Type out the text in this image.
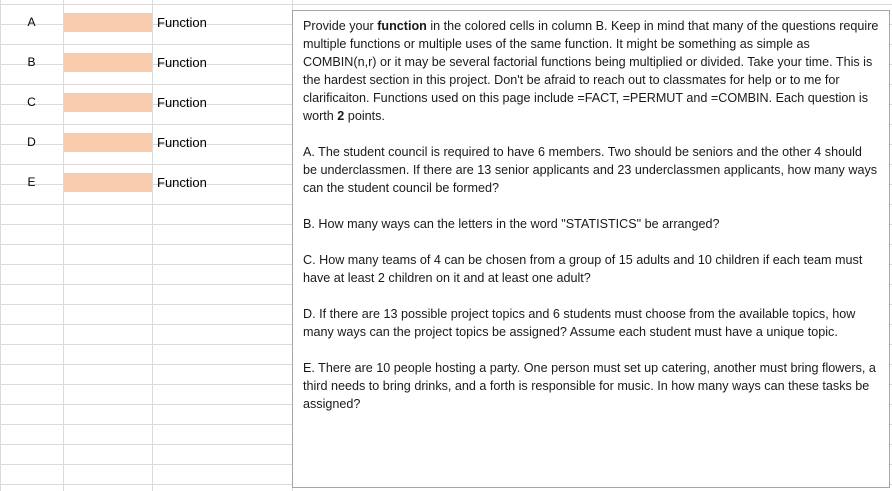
A	Function
B	Function
C	Function
D	Function
E	Function

Provide your function in the colored cells in column B. Keep in mind that many of the questions require multiple functions or multiple uses of the same function. It might be something as simple as COMBIN(n,r) or it may be several factorial functions being multiplied or divided. Take your time. This is the hardest section in this project. Don't be afraid to reach out to classmates for help or to me for clarificaiton. Functions used on this page include =FACT, =PERMUT and =COMBIN. Each question is worth 2 points.

A. The student council is required to have 6 members. Two should be seniors and the other 4 should be underclassmen. If there are 13 senior applicants and 23 underclassmen applicants, how many ways can the student council be formed?

B. How many ways can the letters in the word "STATISTICS" be arranged?

C. How many teams of 4 can be chosen from a group of 15 adults and 10 children if each team must have at least 2 children on it and at least one adult?

D. If there are 13 possible project topics and 6 students must choose from the available topics, how many ways can the project topics be assigned? Assume each student must have a unique topic.

E. There are 10 people hosting a party. One person must set up catering, another must bring flowers, a third needs to bring drinks, and a forth is responsible for music. In how many ways can these tasks be assigned?
